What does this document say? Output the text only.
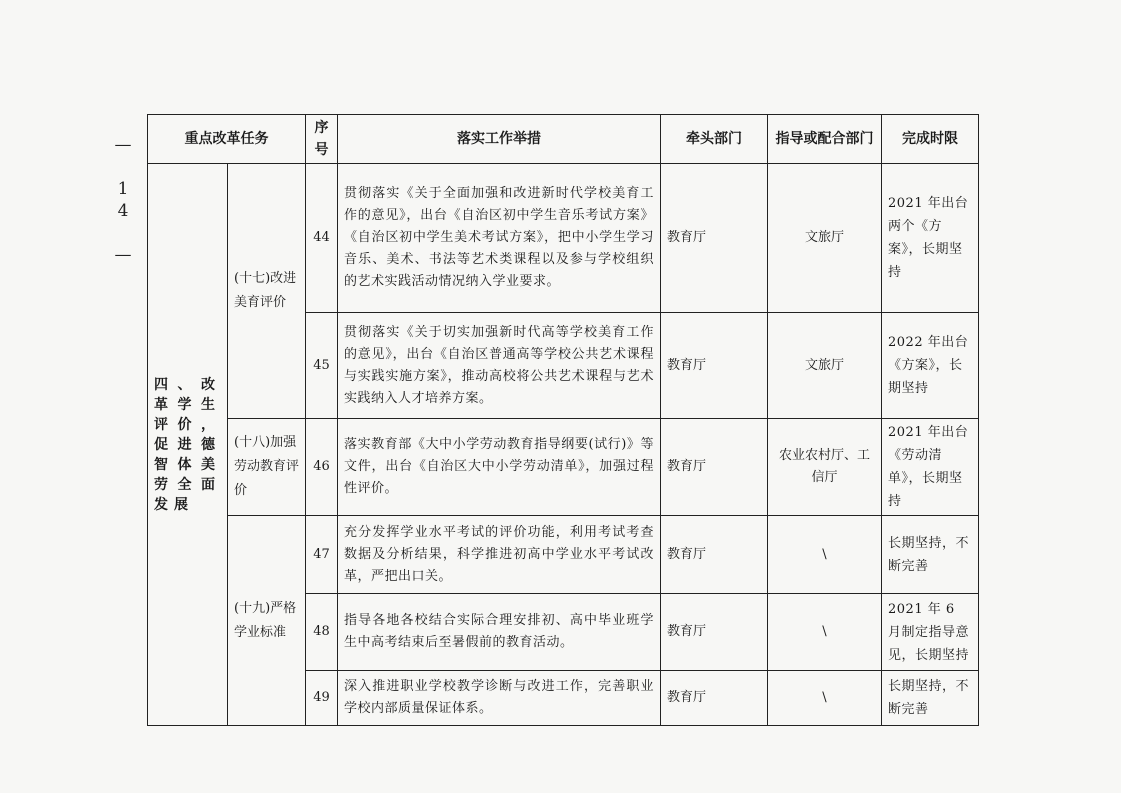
— 14 —	重点改革任务		序号	落实工作举措	牵头部门	指导或配合部门	完成时限
四、改革学生评价，促进德智体美劳全面发展	(十七)改进美育评价	44	贯彻落实《关于全面加强和改进新时代学校美育工作的意见》，出台《自治区初中学生音乐考试方案》《自治区初中学生美术考试方案》，把中小学生学习音乐、美术、书法等艺术类课程以及参与学校组织的艺术实践活动情况纳入学业要求。	教育厅	文旅厅	2021 年出台两个《方案》，长期坚持
		45	贯彻落实《关于切实加强新时代高等学校美育工作的意见》，出台《自治区普通高等学校公共艺术课程与实践实施方案》，推动高校将公共艺术课程与艺术实践纳入人才培养方案。	教育厅	文旅厅	2022 年出台《方案》，长期坚持
	(十八)加强劳动教育评价	46	落实教育部《大中小学劳动教育指导纲要(试行)》等文件，出台《自治区大中小学劳动清单》，加强过程性评价。	教育厅	农业农村厅、工信厅	2021 年出台《劳动清单》，长期坚持
	(十九)严格学业标准	47	充分发挥学业水平考试的评价功能，利用考试考查数据及分析结果，科学推进初高中学业水平考试改革，严把出口关。	教育厅	\	长期坚持，不断完善
		48	指导各地各校结合实际合理安排初、高中毕业班学生中高考结束后至暑假前的教育活动。	教育厅	\	2021 年 6 月制定指导意见，长期坚持
		49	深入推进职业学校教学诊断与改进工作，完善职业学校内部质量保证体系。	教育厅	\	长期坚持，不断完善
